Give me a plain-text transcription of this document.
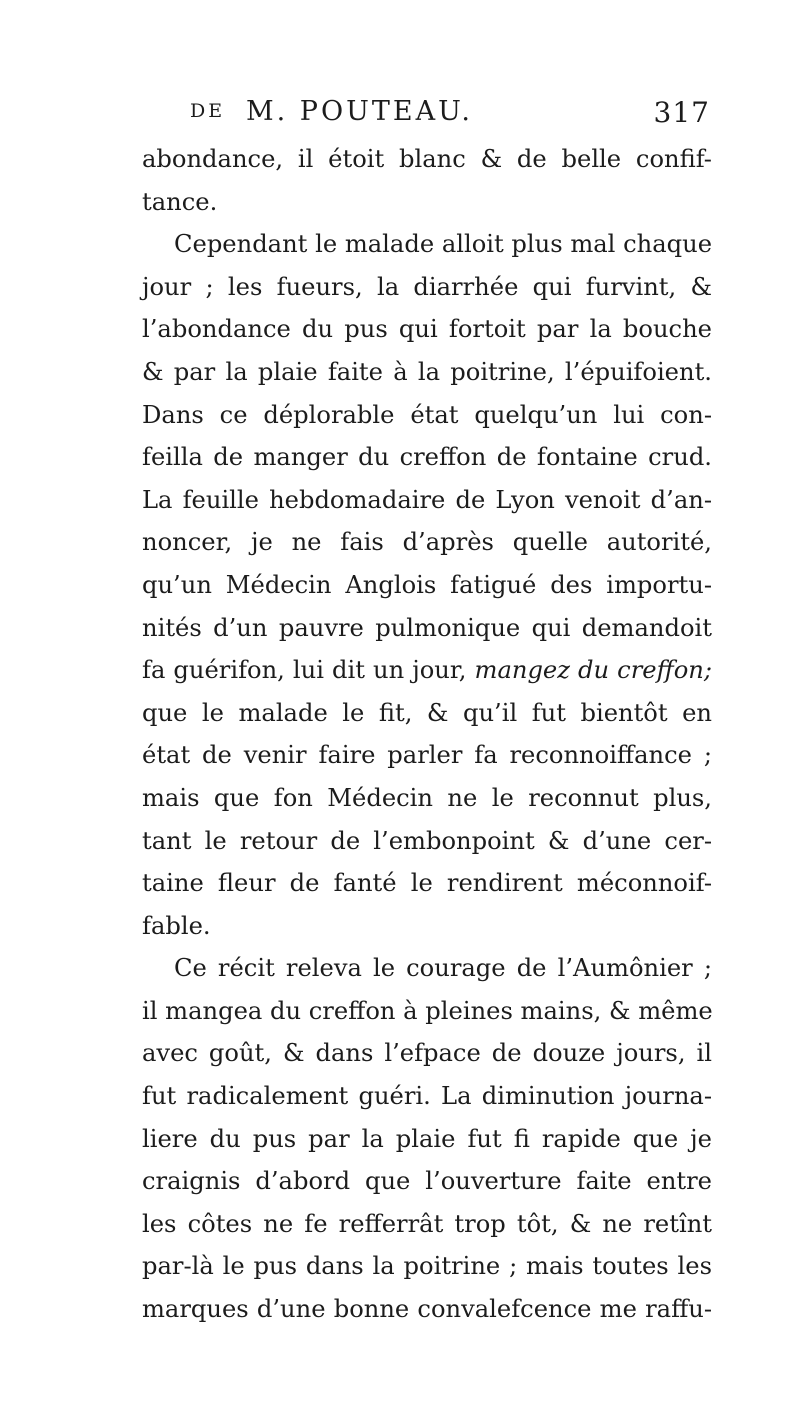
DE M. POUTEAU.	317
abondance, il étoit blanc & de belle confif-
tance.
Cependant le malade alloit plus mal chaque
jour ; les fueurs, la diarrhée qui furvint, &
l’abondance du pus qui fortoit par la bouche
& par la plaie faite à la poitrine, l’épuifoient.
Dans ce déplorable état quelqu’un lui con-
feilla de manger du creffon de fontaine crud.
La feuille hebdomadaire de Lyon venoit d’an-
noncer, je ne fais d’après quelle autorité,
qu’un Médecin Anglois fatigué des importu-
nités d’un pauvre pulmonique qui demandoit
fa guérifon, lui dit un jour, mangez du creffon;
que le malade le fit, & qu’il fut bientôt en
état de venir faire parler fa reconnoiffance ;
mais que fon Médecin ne le reconnut plus,
tant le retour de l’embonpoint & d’une cer-
taine fleur de fanté le rendirent méconnoif-
fable.
Ce récit releva le courage de l’Aumônier ;
il mangea du creffon à pleines mains, & même
avec goût, & dans l’efpace de douze jours, il
fut radicalement guéri. La diminution journa-
liere du pus par la plaie fut fi rapide que je
craignis d’abord que l’ouverture faite entre
les côtes ne fe refferrât trop tôt, & ne retînt
par-là le pus dans la poitrine ; mais toutes les
marques d’une bonne convalefcence me raffu-
